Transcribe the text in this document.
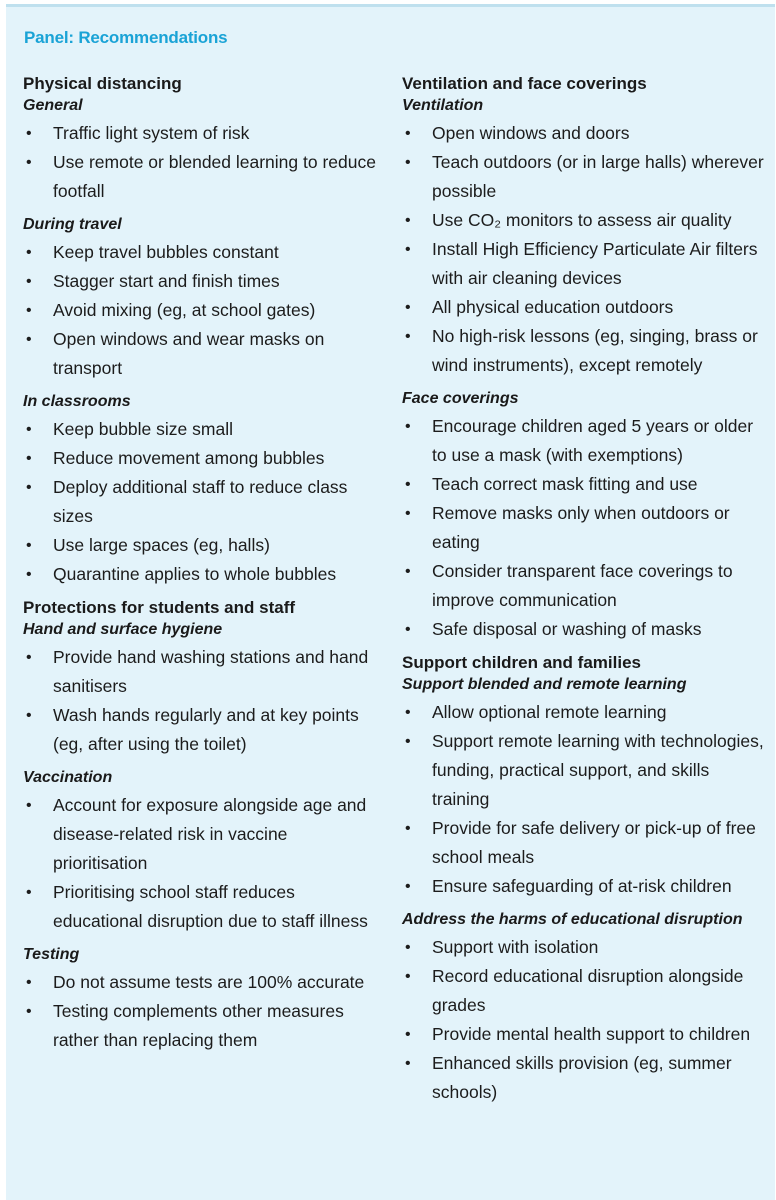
Panel: Recommendations
Physical distancing
General
• Traffic light system of risk
• Use remote or blended learning to reduce footfall
During travel
• Keep travel bubbles constant
• Stagger start and finish times
• Avoid mixing (eg, at school gates)
• Open windows and wear masks on transport
In classrooms
• Keep bubble size small
• Reduce movement among bubbles
• Deploy additional staff to reduce class sizes
• Use large spaces (eg, halls)
• Quarantine applies to whole bubbles
Protections for students and staff
Hand and surface hygiene
• Provide hand washing stations and hand sanitisers
• Wash hands regularly and at key points (eg, after using the toilet)
Vaccination
• Account for exposure alongside age and disease-related risk in vaccine prioritisation
• Prioritising school staff reduces educational disruption due to staff illness
Testing
• Do not assume tests are 100% accurate
• Testing complements other measures rather than replacing them
Ventilation and face coverings
Ventilation
• Open windows and doors
• Teach outdoors (or in large halls) wherever possible
• Use CO₂ monitors to assess air quality
• Install High Efficiency Particulate Air filters with air cleaning devices
• All physical education outdoors
• No high-risk lessons (eg, singing, brass or wind instruments), except remotely
Face coverings
• Encourage children aged 5 years or older to use a mask (with exemptions)
• Teach correct mask fitting and use
• Remove masks only when outdoors or eating
• Consider transparent face coverings to improve communication
• Safe disposal or washing of masks
Support children and families
Support blended and remote learning
• Allow optional remote learning
• Support remote learning with technologies, funding, practical support, and skills training
• Provide for safe delivery or pick-up of free school meals
• Ensure safeguarding of at-risk children
Address the harms of educational disruption
• Support with isolation
• Record educational disruption alongside grades
• Provide mental health support to children
• Enhanced skills provision (eg, summer schools)
